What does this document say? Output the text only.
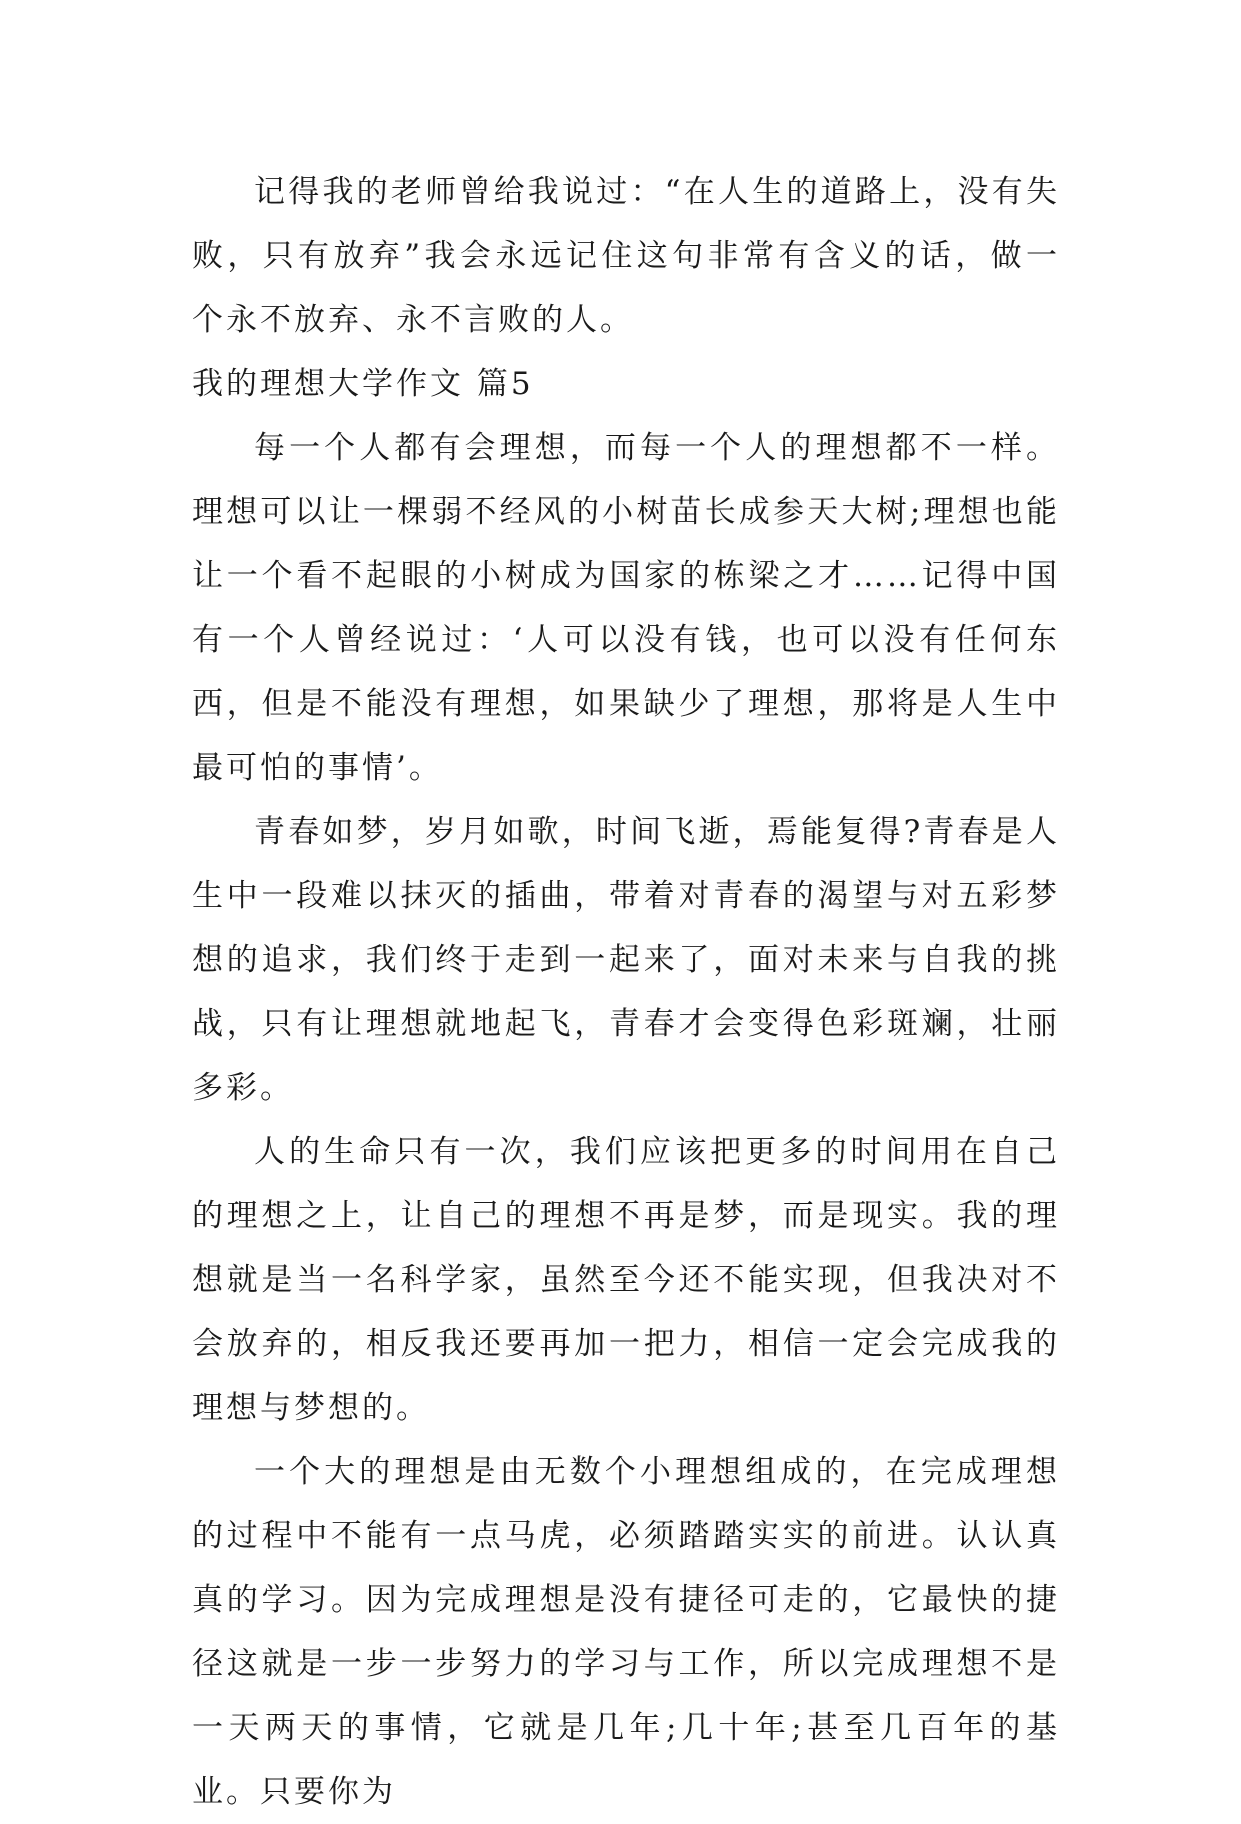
记得我的老师曾给我说过：“在人生的道路上，没有失败，只有放弃”我会永远记住这句非常有含义的话，做一个永不放弃、永不言败的人。

我的理想大学作文 篇5

每一个人都有会理想，而每一个人的理想都不一样。理想可以让一棵弱不经风的小树苗长成参天大树;理想也能让一个看不起眼的小树成为国家的栋梁之才……记得中国有一个人曾经说过：‘人可以没有钱，也可以没有任何东西，但是不能没有理想，如果缺少了理想，那将是人生中最可怕的事情’。

青春如梦，岁月如歌，时间飞逝，焉能复得?青春是人生中一段难以抹灭的插曲，带着对青春的渴望与对五彩梦想的追求，我们终于走到一起来了，面对未来与自我的挑战，只有让理想就地起飞，青春才会变得色彩斑斓，壮丽多彩。

人的生命只有一次，我们应该把更多的时间用在自己的理想之上，让自己的理想不再是梦，而是现实。我的理想就是当一名科学家，虽然至今还不能实现，但我决对不会放弃的，相反我还要再加一把力，相信一定会完成我的理想与梦想的。

一个大的理想是由无数个小理想组成的，在完成理想的过程中不能有一点马虎，必须踏踏实实的前进。认认真真的学习。因为完成理想是没有捷径可走的，它最快的捷径这就是一步一步努力的学习与工作，所以完成理想不是一天两天的事情，它就是几年;几十年;甚至几百年的基业。只要你为
